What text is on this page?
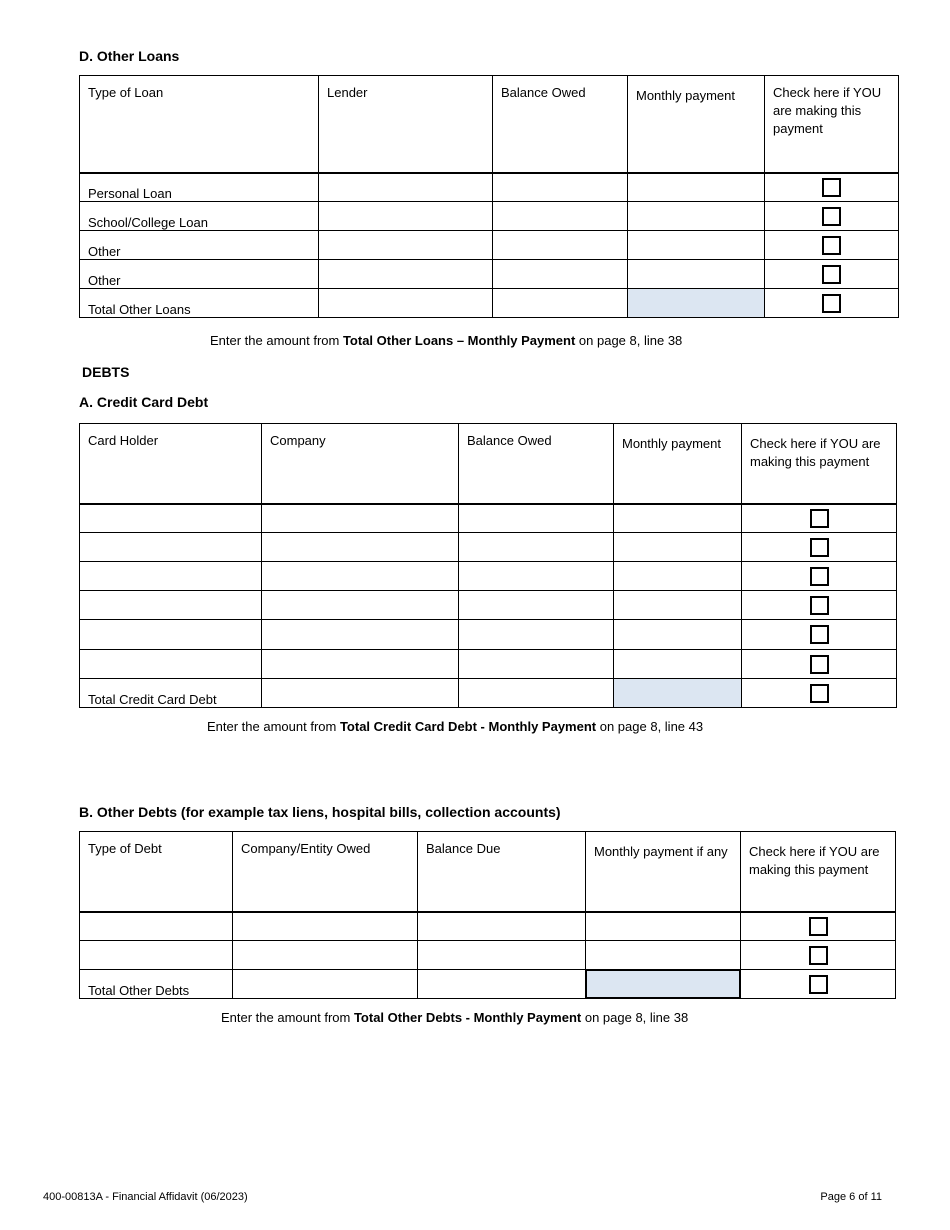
D. Other Loans
Type of Loan	Lender	Balance Owed	Monthly payment	Check here if YOU are making this payment
Personal Loan				
School/College Loan				
Other				
Other				
Total Other Loans				
Enter the amount from Total Other Loans – Monthly Payment on page 8, line 38
DEBTS
A. Credit Card Debt
Card Holder	Company	Balance Owed	Monthly payment	Check here if YOU are making this payment

Total Credit Card Debt				
Enter the amount from Total Credit Card Debt - Monthly Payment on page 8, line 43
B. Other Debts (for example tax liens, hospital bills, collection accounts)
Type of Debt	Company/Entity Owed	Balance Due	Monthly payment if any	Check here if YOU are making this payment

Total Other Debts				
Enter the amount from Total Other Debts - Monthly Payment on page 8, line 38
400-00813A - Financial Affidavit (06/2023)	Page 6 of 11
